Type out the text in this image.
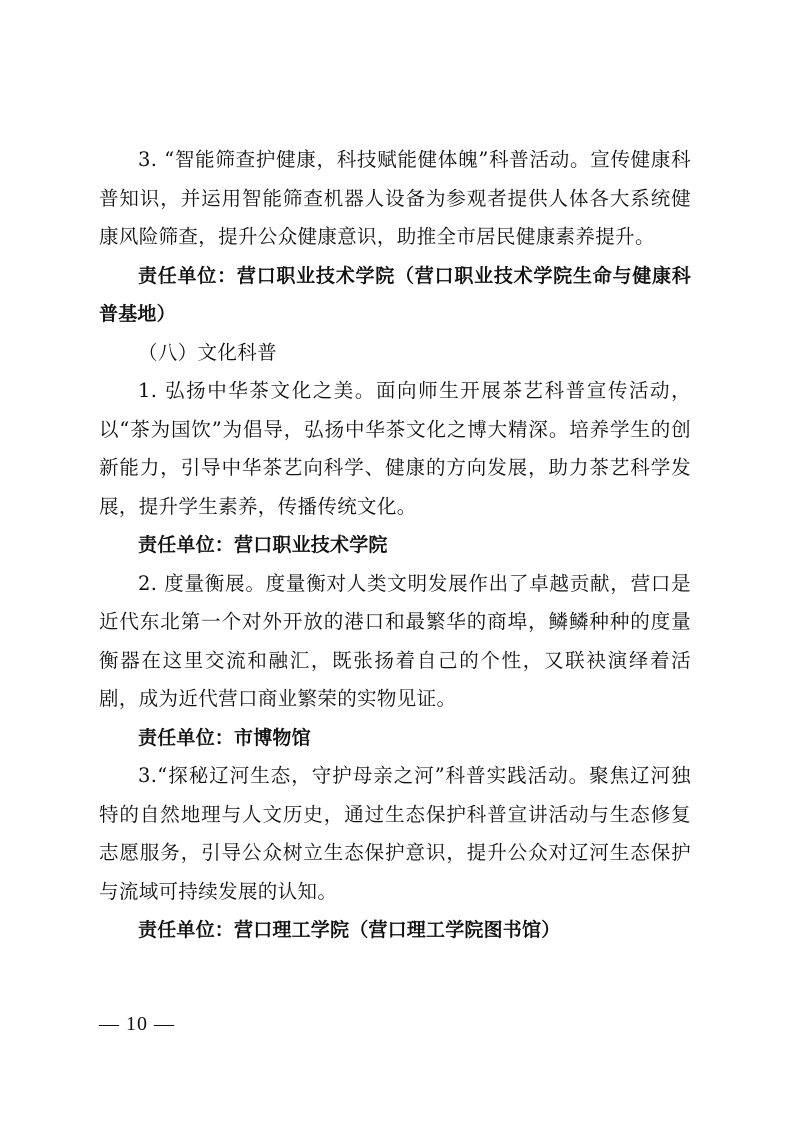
3. “智能筛查护健康，科技赋能健体魄”科普活动。宣传健康科普知识，并运用智能筛查机器人设备为参观者提供人体各大系统健康风险筛查，提升公众健康意识，助推全市居民健康素养提升。

责任单位：营口职业技术学院（营口职业技术学院生命与健康科普基地）

（八）文化科普

1. 弘扬中华茶文化之美。面向师生开展茶艺科普宣传活动，以“茶为国饮”为倡导，弘扬中华茶文化之博大精深。培养学生的创新能力，引导中华茶艺向科学、健康的方向发展，助力茶艺科学发展，提升学生素养，传播传统文化。

责任单位：营口职业技术学院

2. 度量衡展。度量衡对人类文明发展作出了卓越贡献，营口是近代东北第一个对外开放的港口和最繁华的商埠，鳞鳞种种的度量衡器在这里交流和融汇，既张扬着自己的个性，又联袂演绎着活剧，成为近代营口商业繁荣的实物见证。

责任单位：市博物馆

3.“探秘辽河生态，守护母亲之河”科普实践活动。聚焦辽河独特的自然地理与人文历史，通过生态保护科普宣讲活动与生态修复志愿服务，引导公众树立生态保护意识，提升公众对辽河生态保护与流域可持续发展的认知。

责任单位：营口理工学院（营口理工学院图书馆）

— 10 —
